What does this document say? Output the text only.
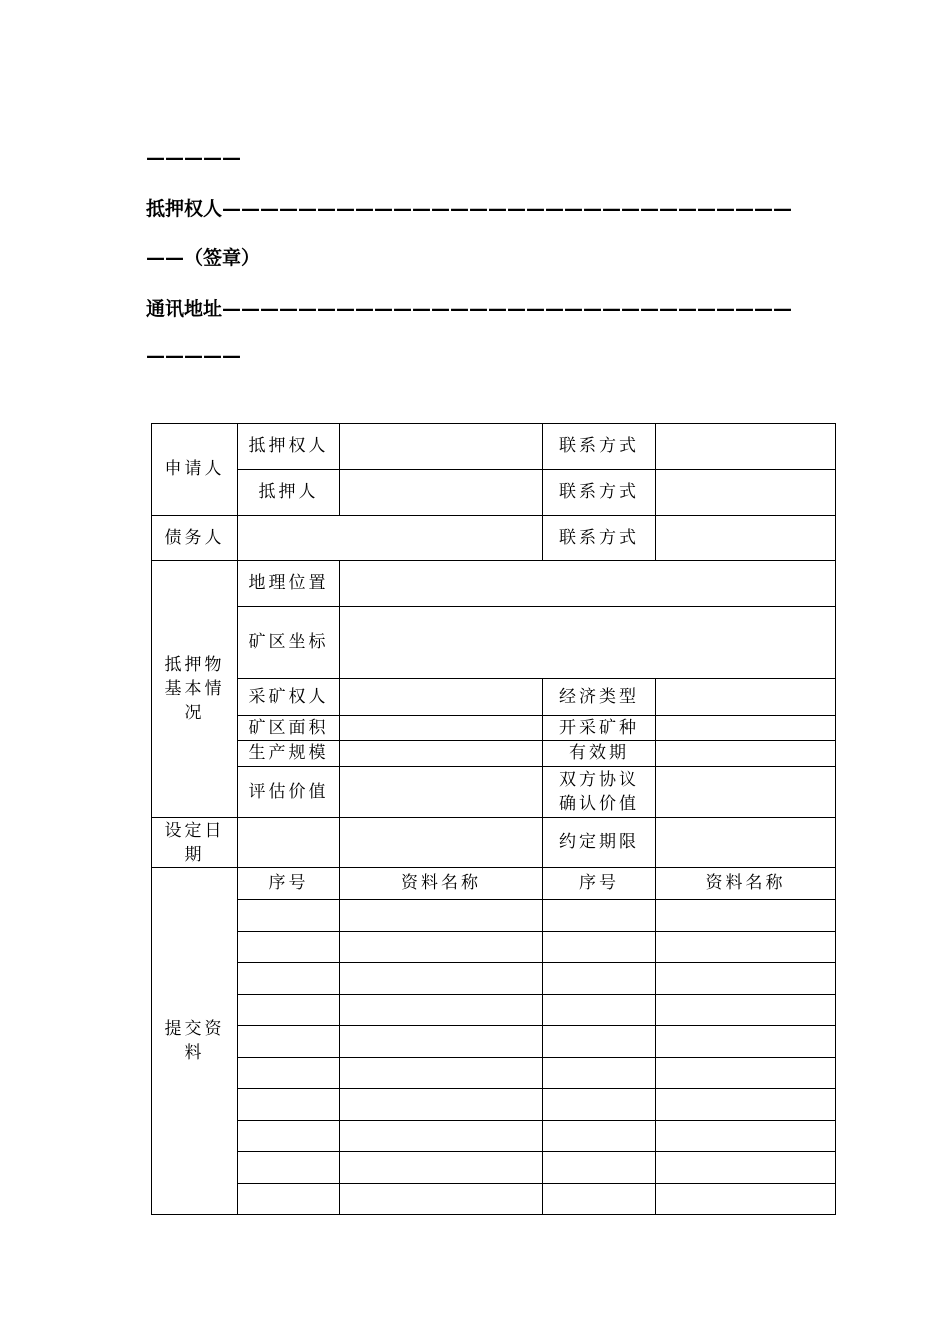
—————
抵押权人——————————————————————————————
——（签章）
通讯地址——————————————————————————————
—————
申请人	抵押权人		联系方式	
	抵押人		联系方式	
债务人			联系方式	
抵押物基本情况	地理位置			
	矿区坐标			
	采矿权人		经济类型	
	矿区面积		开采矿种	
	生产规模		有效期	
	评估价值		双方协议确认价值	
设定日期			约定期限	
提交资料	序号	资料名称	序号	资料名称
